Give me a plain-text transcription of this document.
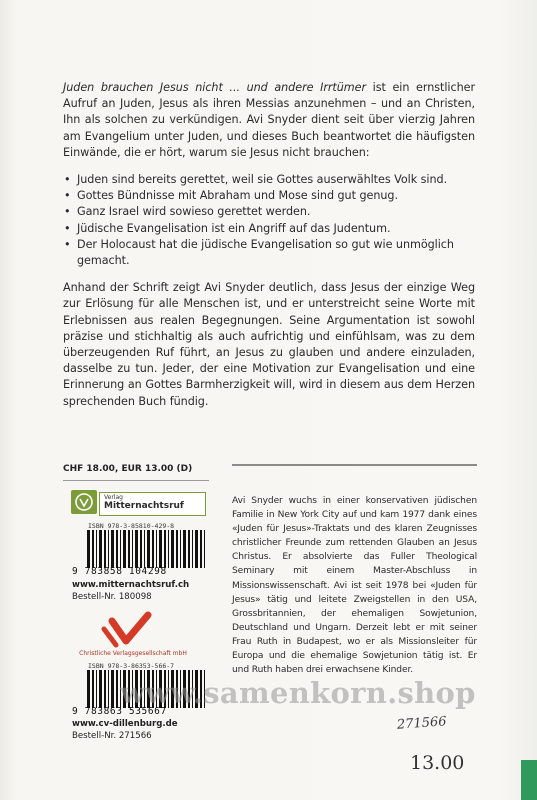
Juden brauchen Jesus nicht ... und andere Irrtümer ist ein ernstlicher Aufruf an Juden, Jesus als ihren Messias anzunehmen – und an Christen, Ihn als solchen zu verkündigen. Avi Snyder dient seit über vierzig Jahren am Evangelium unter Juden, und dieses Buch beantwortet die häufigsten Einwände, die er hört, warum sie Jesus nicht brauchen:

• Juden sind bereits gerettet, weil sie Gottes auserwähltes Volk sind.
• Gottes Bündnisse mit Abraham und Mose sind gut genug.
• Ganz Israel wird sowieso gerettet werden.
• Jüdische Evangelisation ist ein Angriff auf das Judentum.
• Der Holocaust hat die jüdische Evangelisation so gut wie unmöglich gemacht.

Anhand der Schrift zeigt Avi Snyder deutlich, dass Jesus der einzige Weg zur Erlösung für alle Menschen ist, und er unterstreicht seine Worte mit Erlebnissen aus realen Begegnungen. Seine Argumentation ist sowohl präzise und stichhaltig als auch aufrichtig und einfühlsam, was zu dem überzeugenden Ruf führt, an Jesus zu glauben und andere einzuladen, dasselbe zu tun. Jeder, der eine Motivation zur Evangelisation und eine Erinnerung an Gottes Barmherzigkeit will, wird in diesem aus dem Herzen sprechenden Buch fündig.

CHF 18.00, EUR 13.00 (D)
Verlag
Mitternachtsruf
ISBN 978-3-85810-429-8
9 783858 104298
www.mitternachtsruf.ch
Bestell-Nr. 180098
Christliche Verlagsgesellschaft mbH
ISBN 978-3-86353-566-7
9 783863 535667
www.cv-dillenburg.de
Bestell-Nr. 271566
Avi Snyder wuchs in einer konservativen jüdischen Familie in New York City auf und kam 1977 dank eines «Juden für Jesus»-Traktats und des klaren Zeugnisses christlicher Freunde zum rettenden Glauben an Jesus Christus. Er absolvierte das Fuller Theological Seminary mit einem Master-Abschluss in Missionswissenschaft. Avi ist seit 1978 bei «Juden für Jesus» tätig und leitete Zweigstellen in den USA, Grossbritannien, der ehemaligen Sowjetunion, Deutschland und Ungarn. Derzeit lebt er mit seiner Frau Ruth in Budapest, wo er als Missionsleiter für Europa und die ehemalige Sowjetunion tätig ist. Er und Ruth haben drei erwachsene Kinder.
www.samenkorn.shop
271566
13.00
